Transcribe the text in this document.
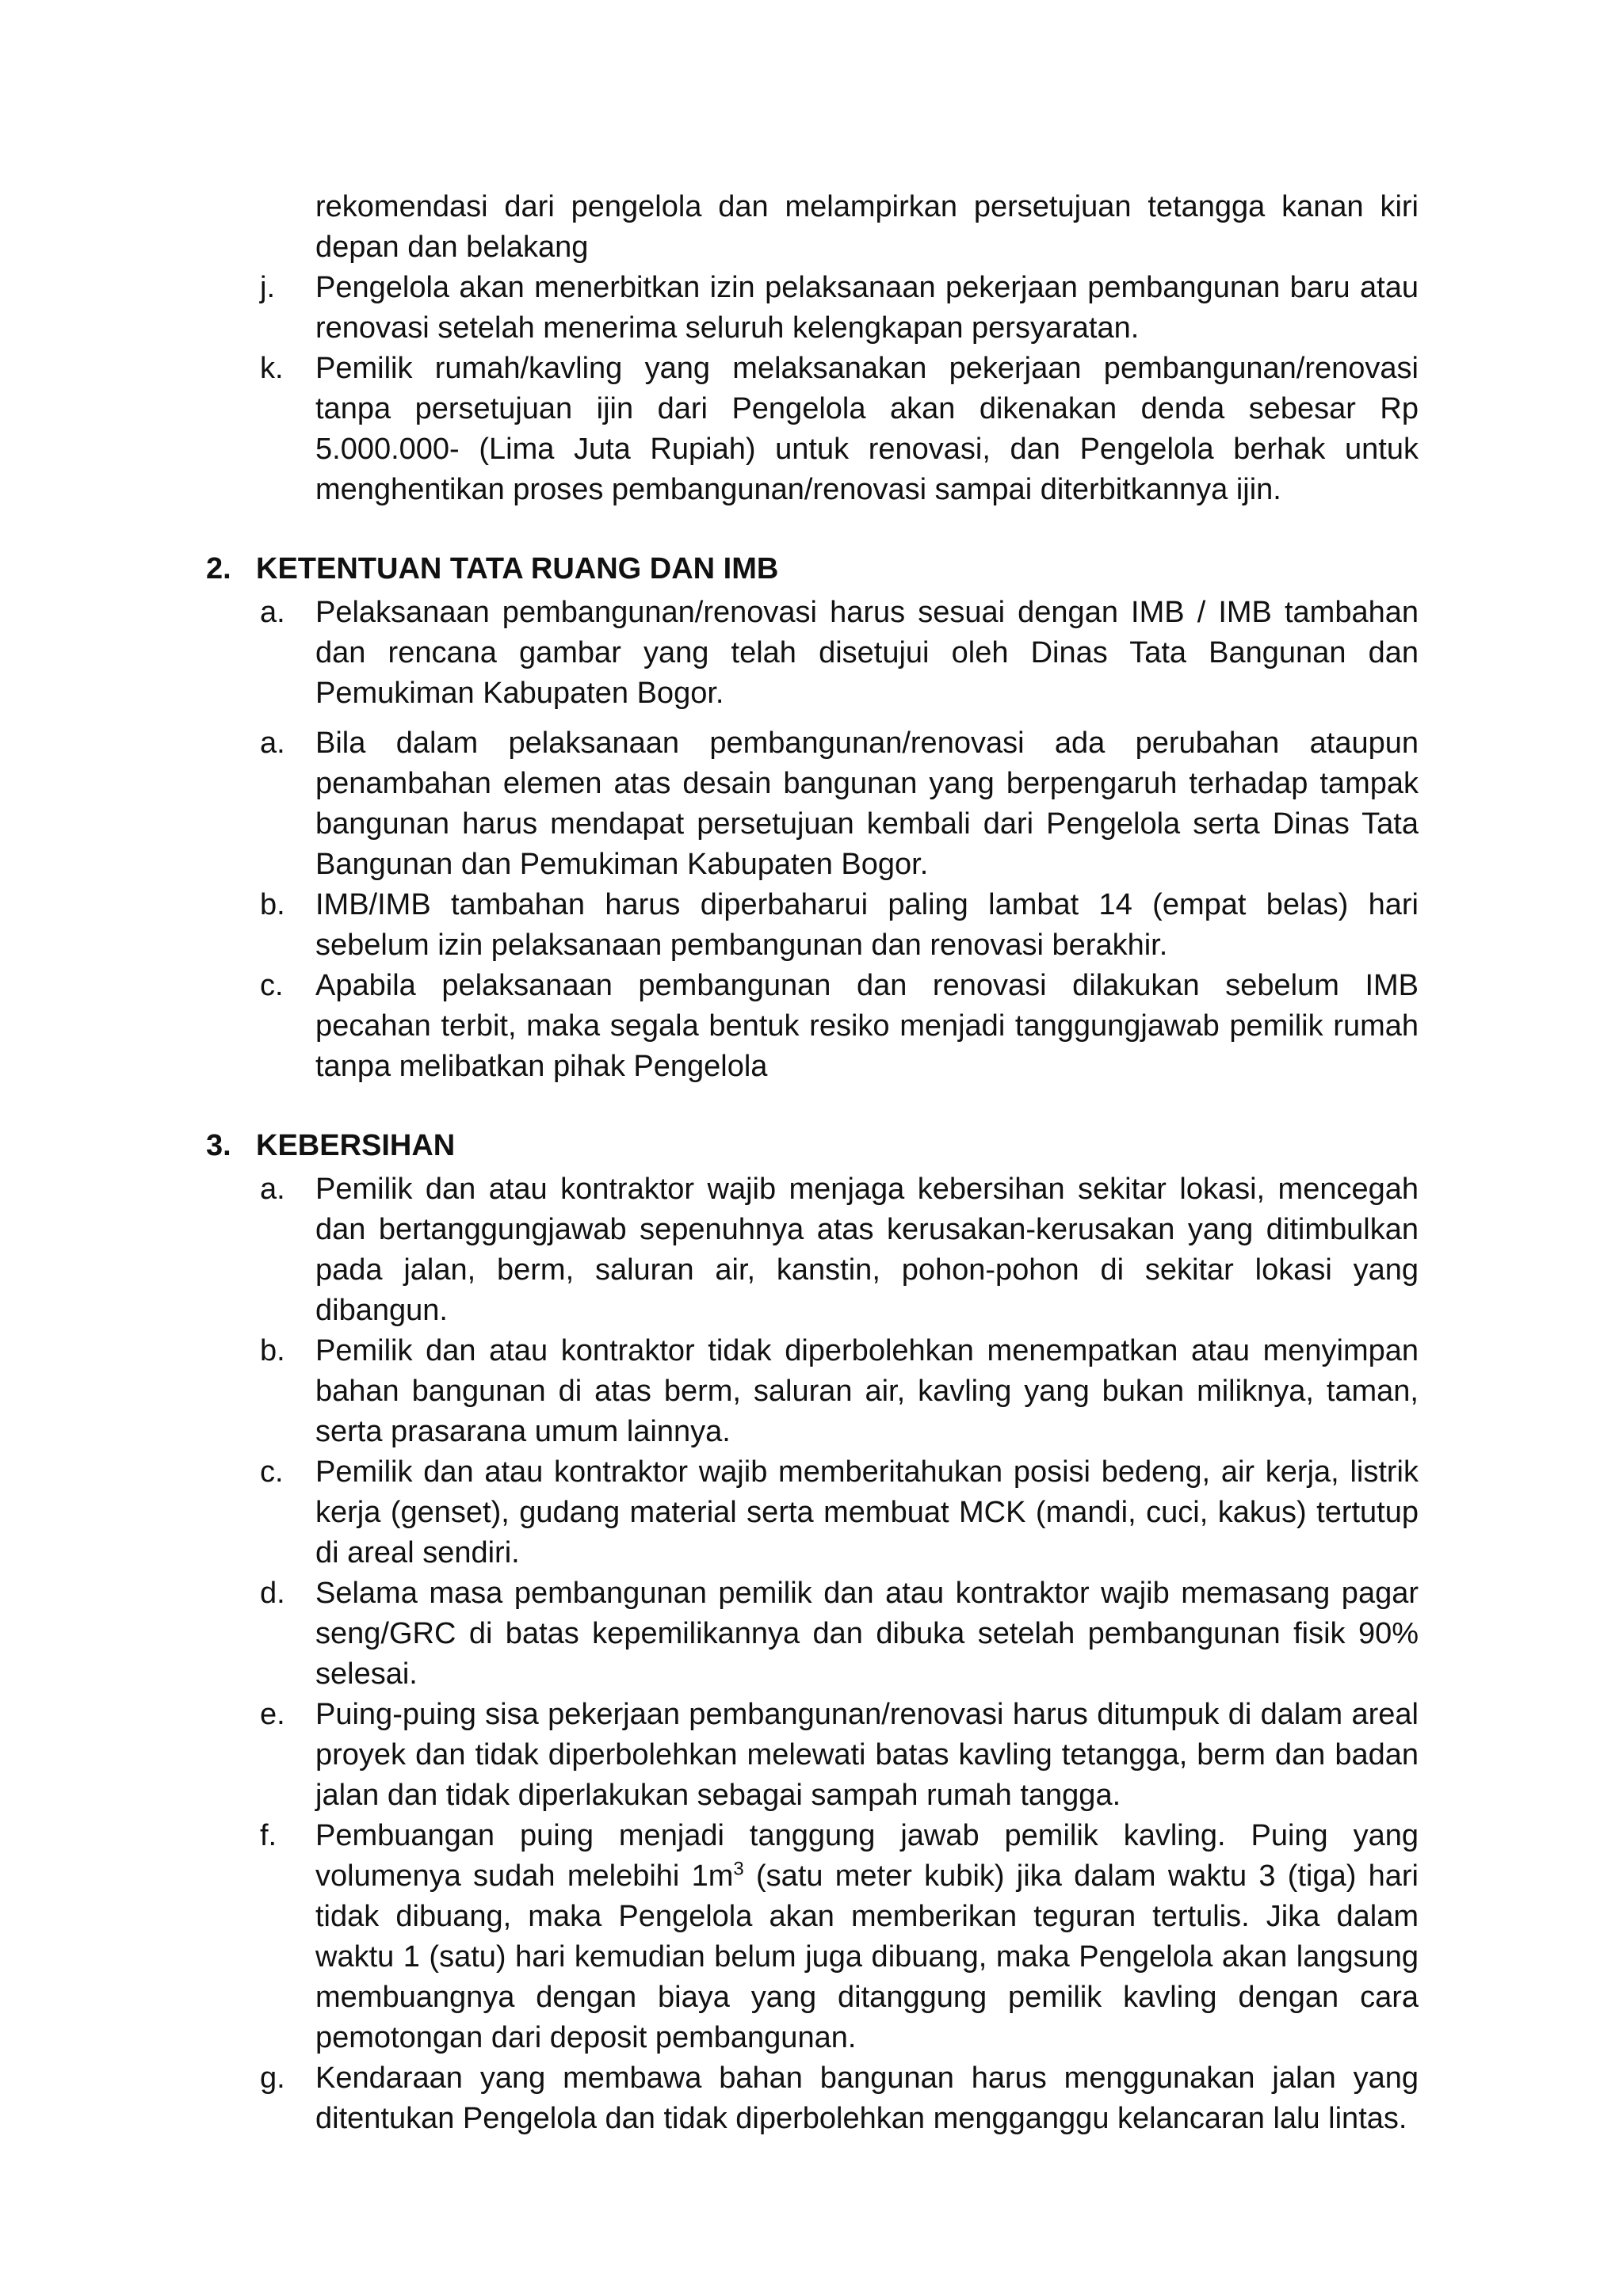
rekomendasi dari pengelola dan melampirkan persetujuan tetangga kanan kiri depan dan belakang

j.	Pengelola akan menerbitkan izin pelaksanaan pekerjaan pembangunan baru atau renovasi setelah menerima seluruh kelengkapan persyaratan.
k.	Pemilik rumah/kavling yang melaksanakan pekerjaan pembangunan/renovasi tanpa persetujuan ijin dari Pengelola akan dikenakan denda sebesar Rp 5.000.000- (Lima Juta Rupiah) untuk renovasi, dan Pengelola berhak untuk menghentikan proses pembangunan/renovasi sampai diterbitkannya ijin.
2. KETENTUAN TATA RUANG DAN IMB
a.	Pelaksanaan pembangunan/renovasi harus sesuai dengan IMB / IMB tambahan dan rencana gambar yang telah disetujui oleh Dinas Tata Bangunan dan Pemukiman Kabupaten Bogor.
a.	Bila dalam pelaksanaan pembangunan/renovasi ada perubahan ataupun penambahan elemen atas desain bangunan yang berpengaruh terhadap tampak bangunan harus mendapat persetujuan kembali dari Pengelola serta Dinas Tata Bangunan dan Pemukiman Kabupaten Bogor.
b.	IMB/IMB tambahan harus diperbaharui paling lambat 14 (empat belas) hari sebelum izin pelaksanaan pembangunan dan renovasi berakhir.
c.	Apabila pelaksanaan pembangunan dan renovasi dilakukan sebelum IMB pecahan terbit, maka segala bentuk resiko menjadi tanggungjawab pemilik rumah tanpa melibatkan pihak Pengelola
3. KEBERSIHAN
a.	Pemilik dan atau kontraktor wajib menjaga kebersihan sekitar lokasi, mencegah dan bertanggungjawab sepenuhnya atas kerusakan-kerusakan yang ditimbulkan pada jalan, berm, saluran air, kanstin, pohon-pohon di sekitar lokasi yang dibangun.
b.	Pemilik dan atau kontraktor tidak diperbolehkan menempatkan atau menyimpan bahan bangunan di atas berm, saluran air, kavling yang bukan miliknya, taman, serta prasarana umum lainnya.
c.	Pemilik dan atau kontraktor wajib memberitahukan posisi bedeng, air kerja, listrik kerja (genset), gudang material serta membuat MCK (mandi, cuci, kakus) tertutup di areal sendiri.
d.	Selama masa pembangunan pemilik dan atau kontraktor wajib memasang pagar seng/GRC di batas kepemilikannya dan dibuka setelah pembangunan fisik 90% selesai.
e.	Puing-puing sisa pekerjaan pembangunan/renovasi harus ditumpuk di dalam areal proyek dan tidak diperbolehkan melewati batas kavling tetangga, berm dan badan jalan dan tidak diperlakukan sebagai sampah rumah tangga.
f.	Pembuangan puing menjadi tanggung jawab pemilik kavling. Puing yang volumenya sudah melebihi $1m^3$ (satu meter kubik) jika dalam waktu 3 (tiga) hari tidak dibuang, maka Pengelola akan memberikan teguran tertulis. Jika dalam waktu 1 (satu) hari kemudian belum juga dibuang, maka Pengelola akan langsung membuangnya dengan biaya yang ditanggung pemilik kavling dengan cara pemotongan dari deposit pembangunan.
g.	Kendaraan yang membawa bahan bangunan harus menggunakan jalan yang ditentukan Pengelola dan tidak diperbolehkan mengganggu kelancaran lalu lintas.
